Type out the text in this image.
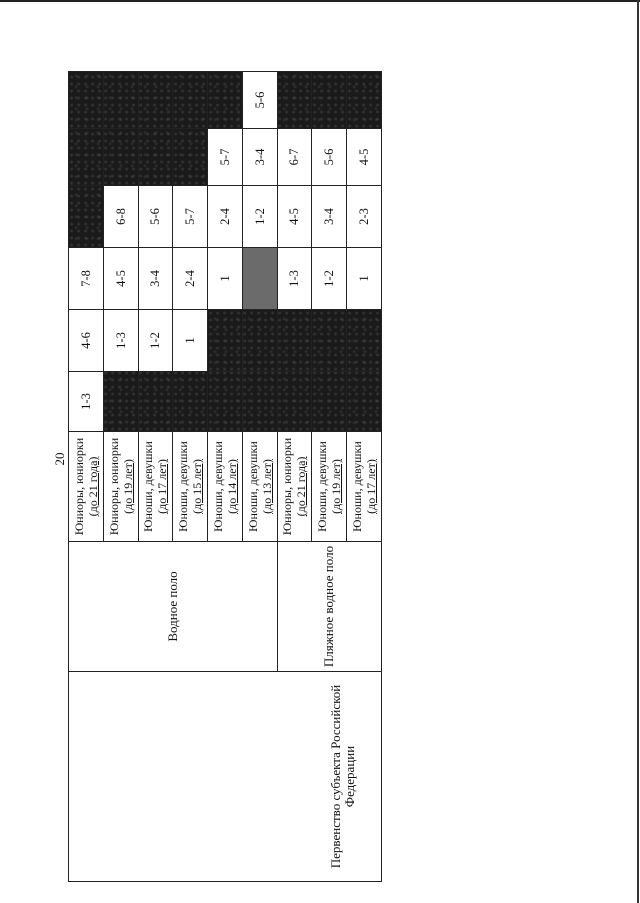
20
Первенство субъекта Российской Федерации	Водное поло	Юниоры, юниорки (до 21 года)	1-3	4-6	7-8			

		Юниоры, юниорки (до 19 лет)		1-3	4-5	6-8		

		Юноши, девушки (до 17 лет)		1-2	3-4	5-6		

		Юноши, девушки (до 15 лет)		1	2-4	5-7		

		Юноши, девушки (до 14 лет)			1	2-4	5-7	

		Юноши, девушки (до 13 лет)				1-2	3-4	5-6
	Пляжное водное поло	Юниоры, юниорки (до 21 года)			1-3	4-5	6-7	

		Юноши, девушки (до 19 лет)			1-2	3-4	5-6	

		Юноши, девушки (до 17 лет)			1	2-3	4-5	
